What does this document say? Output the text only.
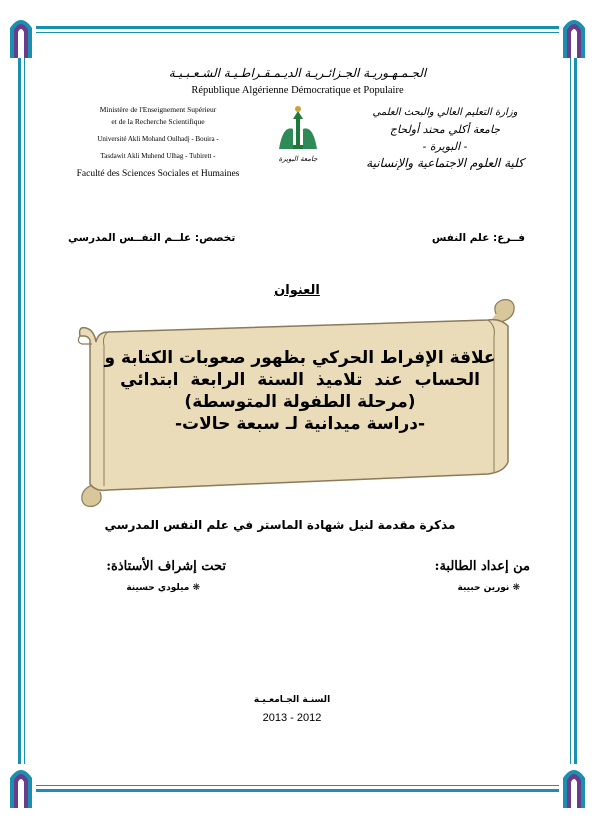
الجـمـهـوريـة الجـزائـريـة الديـمـقـراطـيـة الشـعـبـيـة
République Algérienne Démocratique et Populaire
Ministère de l'Enseignement Supérieur
et de la Recherche Scientifique
Université Akli Mohand Oulhadj - Bouira -
Tasdawit Akli Muhend Ulhag - Tubirett -
Faculté des Sciences Sociales et Humaines
جامعة البويرة
وزارة التعليم العالي والبحث العلمي
جامعة أكلي محند أولحاج
- البويرة -
كلية العلوم الاجتماعية والإنسانية
فــرع: علم النفس
تخصص: علــم النفــس المدرسي
العنوان
علاقة الإفراط الحركي بظهور صعوبات الكتابة و
الحساب عند تلاميذ السنة الرابعة ابتدائي
(مرحلة الطفولة المتوسطة)
-دراسة ميدانية لـ سبعة حالات-
مذكرة مقدمة لنيل شهادة الماستر في علم النفس المدرسي
من إعداد الطالبة:
❋ نورين حبيبة
تحت إشراف الأستاذة:
❋ ميلودي حسينة
السنـة الجـامعـيـة
2013 - 2012
